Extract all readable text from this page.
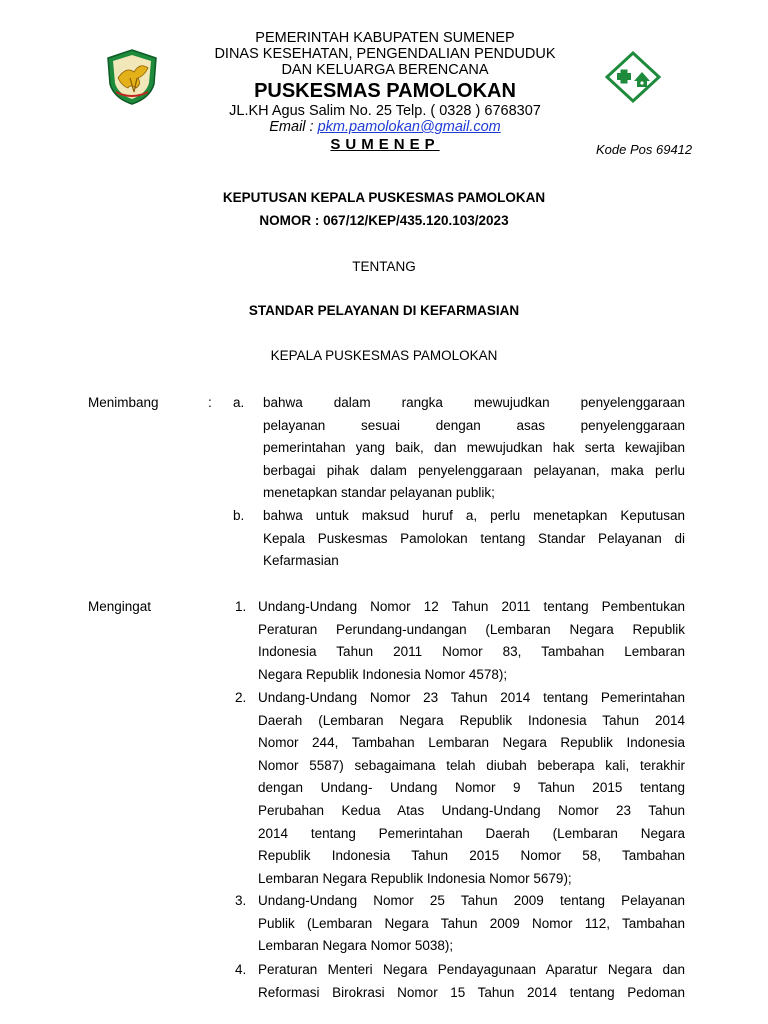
PEMERINTAH KABUPATEN SUMENEP
DINAS KESEHATAN, PENGENDALIAN PENDUDUK
DAN KELUARGA BERENCANA
PUSKESMAS PAMOLOKAN
JL.KH Agus Salim No. 25 Telp. ( 0328 ) 6768307
Email : pkm.pamolokan@gmail.com
SUMENEP	Kode Pos 69412
KEPUTUSAN KEPALA PUSKESMAS PAMOLOKAN
NOMOR : 067/12/KEP/435.120.103/2023
TENTANG
STANDAR PELAYANAN DI KEFARMASIAN
KEPALA PUSKESMAS PAMOLOKAN
Menimbang	: a. bahwa dalam rangka mewujudkan penyelenggaraan
pelayanan sesuai dengan asas penyelenggaraan
pemerintahan yang baik, dan mewujudkan hak serta kewajiban
berbagai pihak dalam penyelenggaraan pelayanan, maka perlu
menetapkan standar pelayanan publik;
b. bahwa untuk maksud huruf a, perlu menetapkan Keputusan
Kepala Puskesmas Pamolokan tentang Standar Pelayanan di
Kefarmasian
Mengingat	1. Undang-Undang Nomor 12 Tahun 2011 tentang Pembentukan
Peraturan Perundang-undangan (Lembaran Negara Republik
Indonesia Tahun 2011 Nomor 83, Tambahan Lembaran
Negara Republik Indonesia Nomor 4578);
2. Undang-Undang Nomor 23 Tahun 2014 tentang Pemerintahan
Daerah (Lembaran Negara Republik Indonesia Tahun 2014
Nomor 244, Tambahan Lembaran Negara Republik Indonesia
Nomor 5587) sebagaimana telah diubah beberapa kali, terakhir
dengan Undang- Undang Nomor 9 Tahun 2015 tentang
Perubahan Kedua Atas Undang-Undang Nomor 23 Tahun
2014 tentang Pemerintahan Daerah (Lembaran Negara
Republik Indonesia Tahun 2015 Nomor 58, Tambahan
Lembaran Negara Republik Indonesia Nomor 5679);
3. Undang-Undang Nomor 25 Tahun 2009 tentang Pelayanan
Publik (Lembaran Negara Tahun 2009 Nomor 112, Tambahan
Lembaran Negara Nomor 5038);
4. Peraturan Menteri Negara Pendayagunaan Aparatur Negara dan
Reformasi Birokrasi Nomor 15 Tahun 2014 tentang Pedoman
